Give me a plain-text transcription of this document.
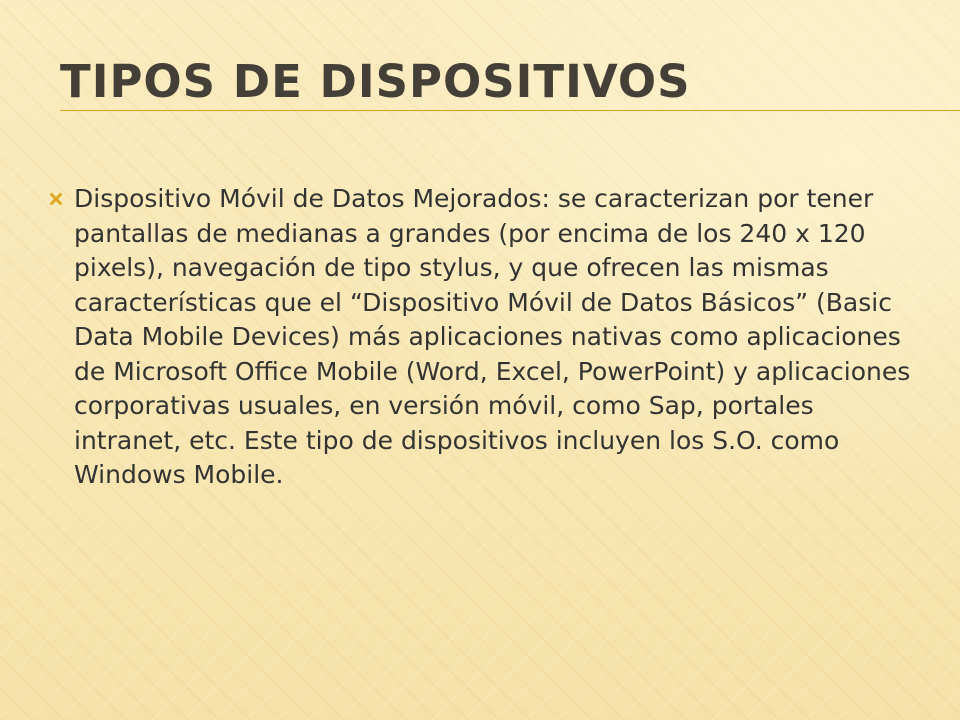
TIPOS DE DISPOSITIVOS

Dispositivo Móvil de Datos Mejorados: se caracterizan por tener pantallas de medianas a grandes (por encima de los 240 x 120 pixels), navegación de tipo stylus, y que ofrecen las mismas características que el “Dispositivo Móvil de Datos Básicos” (Basic Data Mobile Devices) más aplicaciones nativas como aplicaciones de Microsoft Office Mobile (Word, Excel, PowerPoint) y aplicaciones corporativas usuales, en versión móvil, como Sap, portales intranet, etc. Este tipo de dispositivos incluyen los S.O. como Windows Mobile.
